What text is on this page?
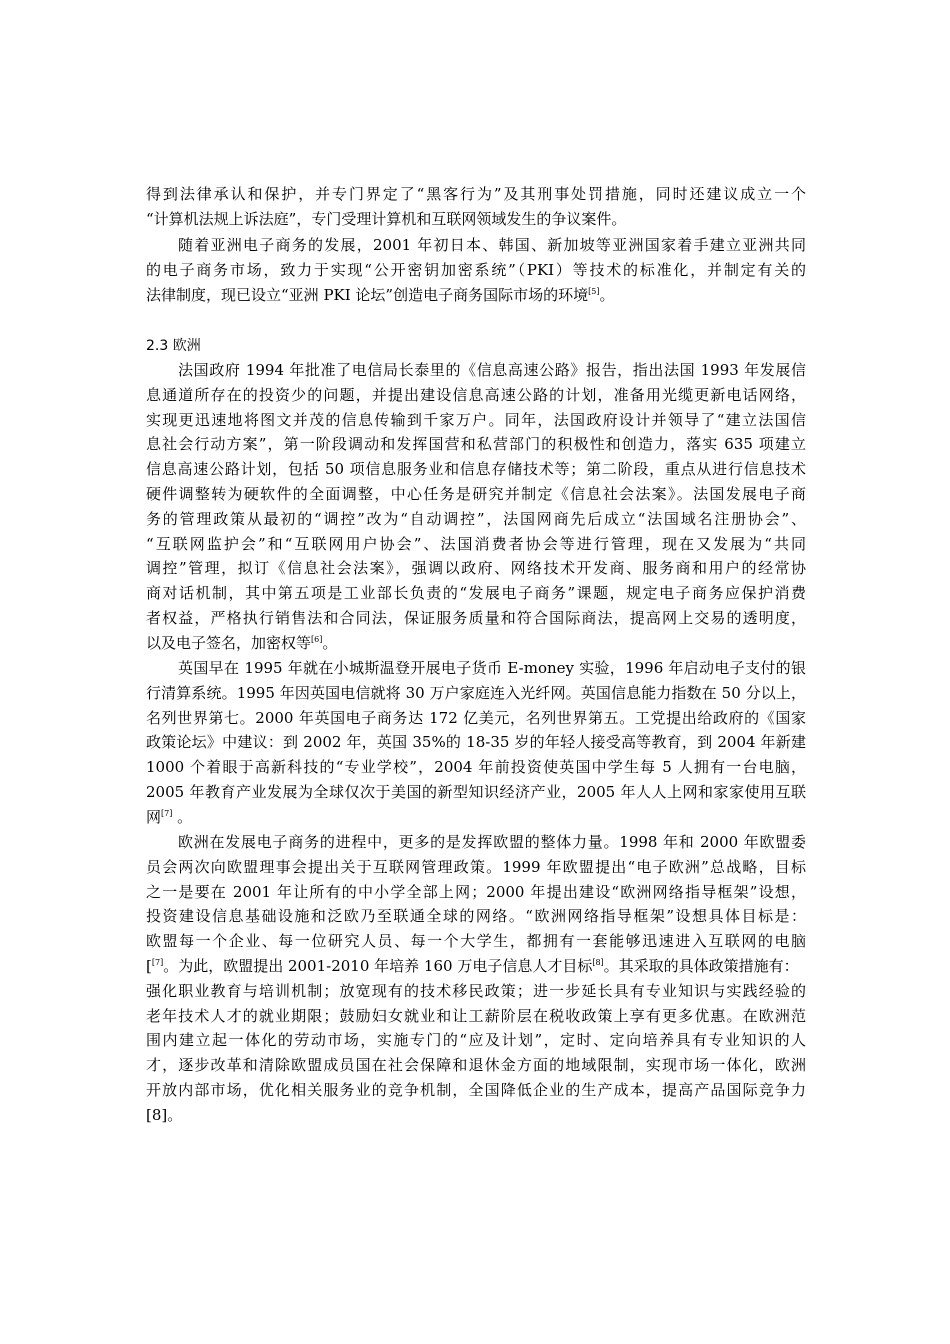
得到法律承认和保护，并专门界定了“黑客行为”及其刑事处罚措施，同时还建议成立一个
“计算机法规上诉法庭”，专门受理计算机和互联网领域发生的争议案件。
随着亚洲电子商务的发展，2001 年初日本、韩国、新加坡等亚洲国家着手建立亚洲共同
的电子商务市场，致力于实现“公开密钥加密系统”（PKI）等技术的标准化，并制定有关的
法律制度，现已设立“亚洲 PKI 论坛”创造电子商务国际市场的环境[5]。
2.3 欧洲
法国政府 1994 年批准了电信局长泰里的《信息高速公路》报告，指出法国 1993 年发展信
息通道所存在的投资少的问题，并提出建设信息高速公路的计划，准备用光缆更新电话网络，
实现更迅速地将图文并茂的信息传输到千家万户。同年，法国政府设计并领导了“建立法国信
息社会行动方案”，第一阶段调动和发挥国营和私营部门的积极性和创造力，落实 635 项建立
信息高速公路计划，包括 50 项信息服务业和信息存储技术等；第二阶段，重点从进行信息技术
硬件调整转为硬软件的全面调整，中心任务是研究并制定《信息社会法案》。法国发展电子商
务的管理政策从最初的“调控”改为“自动调控”，法国网商先后成立“法国域名注册协会”、
“互联网监护会”和“互联网用户协会”、法国消费者协会等进行管理，现在又发展为“共同
调控”管理，拟订《信息社会法案》，强调以政府、网络技术开发商、服务商和用户的经常协
商对话机制，其中第五项是工业部长负责的“发展电子商务”课题，规定电子商务应保护消费
者权益，严格执行销售法和合同法，保证服务质量和符合国际商法，提高网上交易的透明度，
以及电子签名，加密权等[6]。
英国早在 1995 年就在小城斯温登开展电子货币 E-money 实验，1996 年启动电子支付的银
行清算系统。1995 年因英国电信就将 30 万户家庭连入光纤网。英国信息能力指数在 50 分以上，
名列世界第七。2000 年英国电子商务达 172 亿美元，名列世界第五。工党提出给政府的《国家
政策论坛》中建议：到 2002 年，英国 35%的 18-35 岁的年轻人接受高等教育，到 2004 年新建
1000 个着眼于高新科技的“专业学校”，2004 年前投资使英国中学生每 5 人拥有一台电脑，
2005 年教育产业发展为全球仅次于美国的新型知识经济产业，2005 年人人上网和家家使用互联
网[7] 。
欧洲在发展电子商务的进程中，更多的是发挥欧盟的整体力量。1998 年和 2000 年欧盟委
员会两次向欧盟理事会提出关于互联网管理政策。1999 年欧盟提出“电子欧洲”总战略，目标
之一是要在 2001 年让所有的中小学全部上网；2000 年提出建设“欧洲网络指导框架”设想，
投资建设信息基础设施和泛欧乃至联通全球的网络。“欧洲网络指导框架”设想具体目标是：
欧盟每一个企业、每一位研究人员、每一个大学生，都拥有一套能够迅速进入互联网的电脑
[[7]。为此，欧盟提出 2001-2010 年培养 160 万电子信息人才目标[8]。其采取的具体政策措施有：
强化职业教育与培训机制；放宽现有的技术移民政策；进一步延长具有专业知识与实践经验的
老年技术人才的就业期限；鼓励妇女就业和让工薪阶层在税收政策上享有更多优惠。在欧洲范
围内建立起一体化的劳动市场，实施专门的“应及计划”，定时、定向培养具有专业知识的人
才，逐步改革和清除欧盟成员国在社会保障和退休金方面的地域限制，实现市场一体化，欧洲
开放内部市场，优化相关服务业的竞争机制，全国降低企业的生产成本，提高产品国际竞争力
[8]。
